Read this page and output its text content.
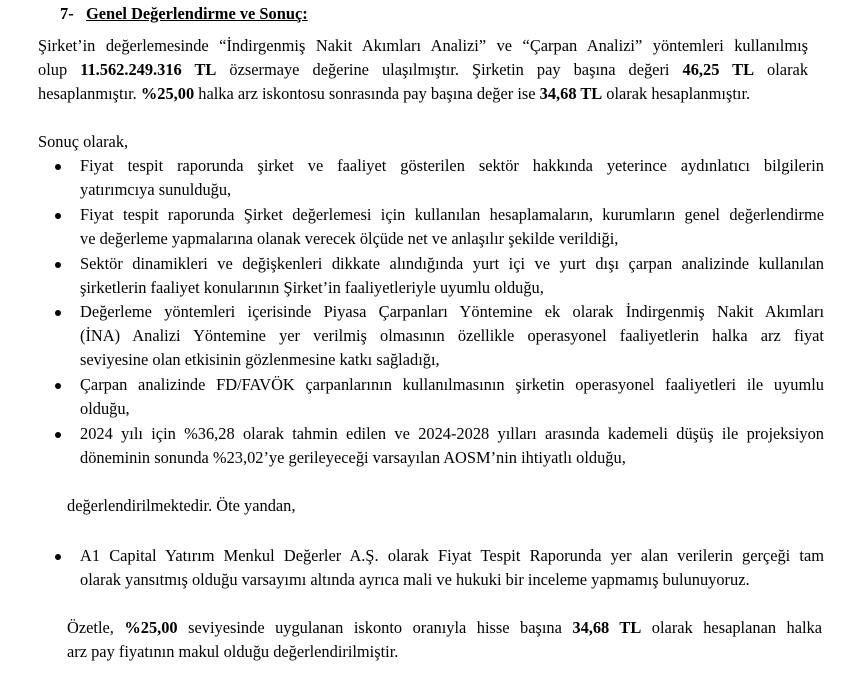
7- Genel Değerlendirme ve Sonuç:
Şirket’in değerlemesinde “İndirgenmiş Nakit Akımları Analizi” ve “Çarpan Analizi” yöntemleri kullanılmış
olup 11.562.249.316 TL özsermaye değerine ulaşılmıştır. Şirketin pay başına değeri 46,25 TL olarak
hesaplanmıştır. %25,00 halka arz iskontosu sonrasında pay başına değer ise 34,68 TL olarak hesaplanmıştır.
Sonuç olarak,
Fiyat tespit raporunda şirket ve faaliyet gösterilen sektör hakkında yeterince aydınlatıcı bilgilerin
yatırımcıya sunulduğu,
Fiyat tespit raporunda Şirket değerlemesi için kullanılan hesaplamaların, kurumların genel değerlendirme
ve değerleme yapmalarına olanak verecek ölçüde net ve anlaşılır şekilde verildiği,
Sektör dinamikleri ve değişkenleri dikkate alındığında yurt içi ve yurt dışı çarpan analizinde kullanılan
şirketlerin faaliyet konularının Şirket’in faaliyetleriyle uyumlu olduğu,
Değerleme yöntemleri içerisinde Piyasa Çarpanları Yöntemine ek olarak İndirgenmiş Nakit Akımları
(İNA) Analizi Yöntemine yer verilmiş olmasının özellikle operasyonel faaliyetlerin halka arz fiyat
seviyesine olan etkisinin gözlenmesine katkı sağladığı,
Çarpan analizinde FD/FAVÖK çarpanlarının kullanılmasının şirketin operasyonel faaliyetleri ile uyumlu
olduğu,
2024 yılı için %36,28 olarak tahmin edilen ve 2024-2028 yılları arasında kademeli düşüş ile projeksiyon
döneminin sonunda %23,02’ye gerileyeceği varsayılan AOSM’nin ihtiyatlı olduğu,
değerlendirilmektedir. Öte yandan,
A1 Capital Yatırım Menkul Değerler A.Ş. olarak Fiyat Tespit Raporunda yer alan verilerin gerçeği tam
olarak yansıtmış olduğu varsayımı altında ayrıca mali ve hukuki bir inceleme yapmamış bulunuyoruz.
Özetle, %25,00 seviyesinde uygulanan iskonto oranıyla hisse başına 34,68 TL olarak hesaplanan halka
arz pay fiyatının makul olduğu değerlendirilmiştir.
